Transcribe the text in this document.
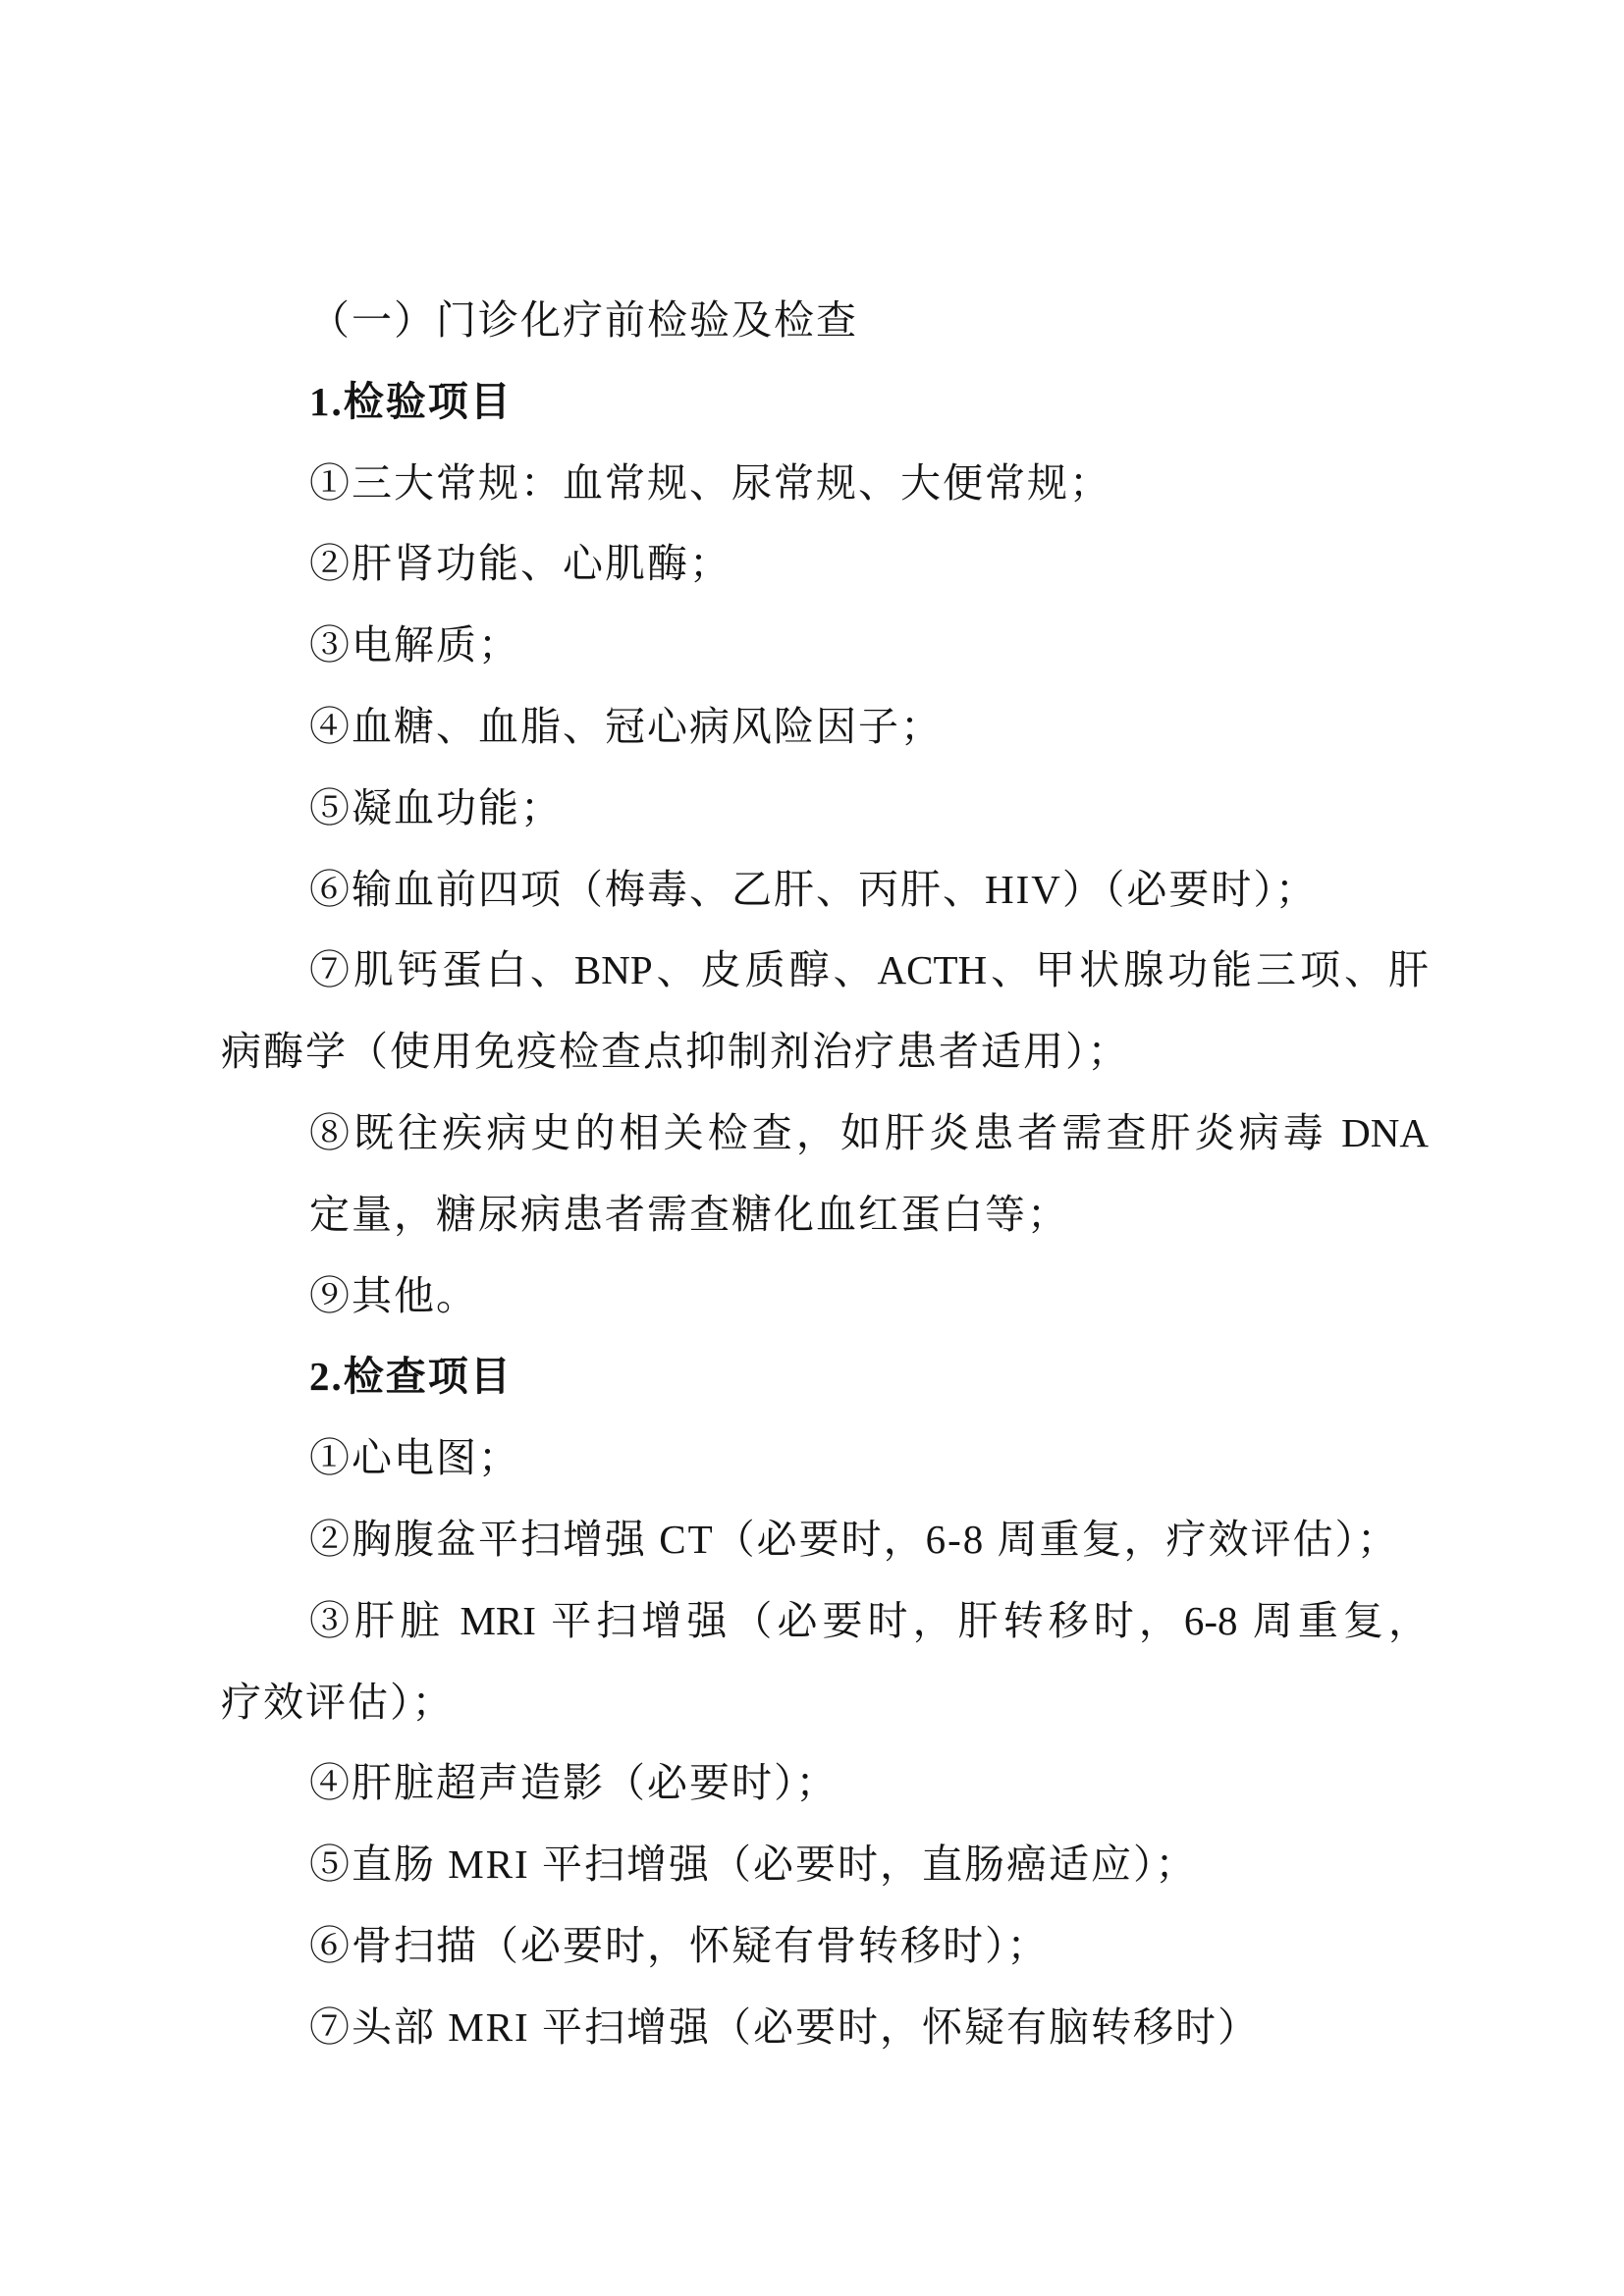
（一）门诊化疗前检验及检查
1.检验项目
①三大常规：血常规、尿常规、大便常规；
②肝肾功能、心肌酶；
③电解质；
④血糖、血脂、冠心病风险因子；
⑤凝血功能；
⑥输血前四项（梅毒、乙肝、丙肝、HIV）（必要时）；
⑦肌钙蛋白、BNP、皮质醇、ACTH、甲状腺功能三项、肝
病酶学（使用免疫检查点抑制剂治疗患者适用）；
⑧既往疾病史的相关检查，如肝炎患者需查肝炎病毒 DNA
定量，糖尿病患者需查糖化血红蛋白等；
⑨其他。
2.检查项目
①心电图；
②胸腹盆平扫增强 CT（必要时，6-8 周重复，疗效评估）；
③肝脏 MRI 平扫增强（必要时，肝转移时，6-8 周重复，
疗效评估）；
④肝脏超声造影（必要时）；
⑤直肠 MRI 平扫增强（必要时，直肠癌适应）；
⑥骨扫描（必要时，怀疑有骨转移时）；
⑦头部 MRI 平扫增强（必要时，怀疑有脑转移时）
